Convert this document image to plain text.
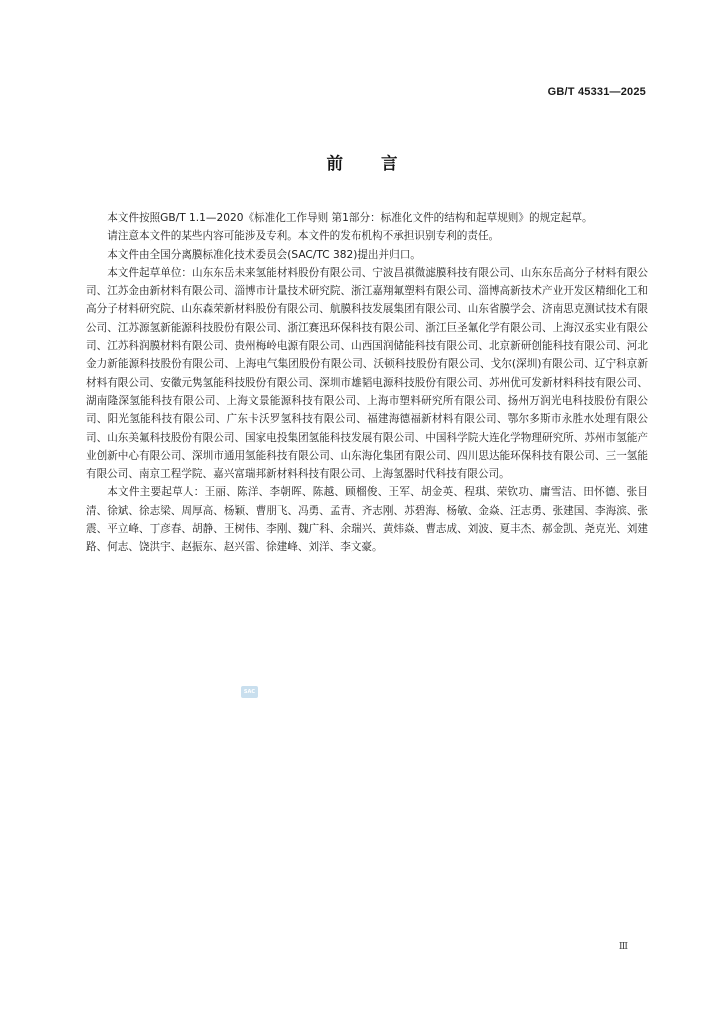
GB/T 45331—2025
前言

本文件按照GB/T 1.1—2020《标准化工作导则 第1部分：标准化文件的结构和起草规则》的规定起草。

请注意本文件的某些内容可能涉及专利。本文件的发布机构不承担识别专利的责任。

本文件由全国分离膜标准化技术委员会(SAC/TC 382)提出并归口。

本文件起草单位：山东东岳未来氢能材料股份有限公司、宁波昌祺微滤膜科技有限公司、山东东岳高分子材料有限公司、江苏金由新材料有限公司、淄博市计量技术研究院、浙江嘉翔氟塑料有限公司、淄博高新技术产业开发区精细化工和高分子材料研究院、山东森荣新材料股份有限公司、航膜科技发展集团有限公司、山东省膜学会、济南思克测试技术有限公司、江苏源氢新能源科技股份有限公司、浙江赛迅环保科技有限公司、浙江巨圣氟化学有限公司、上海汉丞实业有限公司、江苏科润膜材料有限公司、贵州梅岭电源有限公司、山西国润储能科技有限公司、北京新研创能科技有限公司、河北金力新能源科技股份有限公司、上海电气集团股份有限公司、沃顿科技股份有限公司、戈尔(深圳)有限公司、辽宁科京新材料有限公司、安徽元隽氢能科技股份有限公司、深圳市雄韬电源科技股份有限公司、苏州优可发新材料科技有限公司、湖南隆深氢能科技有限公司、上海文景能源科技有限公司、上海市塑料研究所有限公司、扬州万润光电科技股份有限公司、阳光氢能科技有限公司、广东卡沃罗氢科技有限公司、福建海德福新材料有限公司、鄂尔多斯市永胜水处理有限公司、山东美氟科技股份有限公司、国家电投集团氢能科技发展有限公司、中国科学院大连化学物理研究所、苏州市氢能产业创新中心有限公司、深圳市通用氢能科技有限公司、山东海化集团有限公司、四川思达能环保科技有限公司、三一氢能有限公司、南京工程学院、嘉兴富瑞邦新材料科技有限公司、上海氢器时代科技有限公司。

本文件主要起草人：王丽、陈洋、李朝晖、陈越、顾榴俊、王军、胡金英、程琪、荣钦功、庸雪洁、田怀德、张目清、徐斌、徐志梁、周厚高、杨颖、曹朋飞、冯勇、孟青、齐志刚、苏碧海、杨敏、金焱、汪志勇、张建国、李海滨、张震、平立峰、丁彦春、胡静、王树伟、李刚、魏广科、余瑞兴、黄炜焱、曹志成、刘波、夏丰杰、郝金凯、尧克光、刘建路、何志、饶洪宇、赵振东、赵兴雷、徐建峰、刘洋、李文豪。

SAC
Ⅲ
